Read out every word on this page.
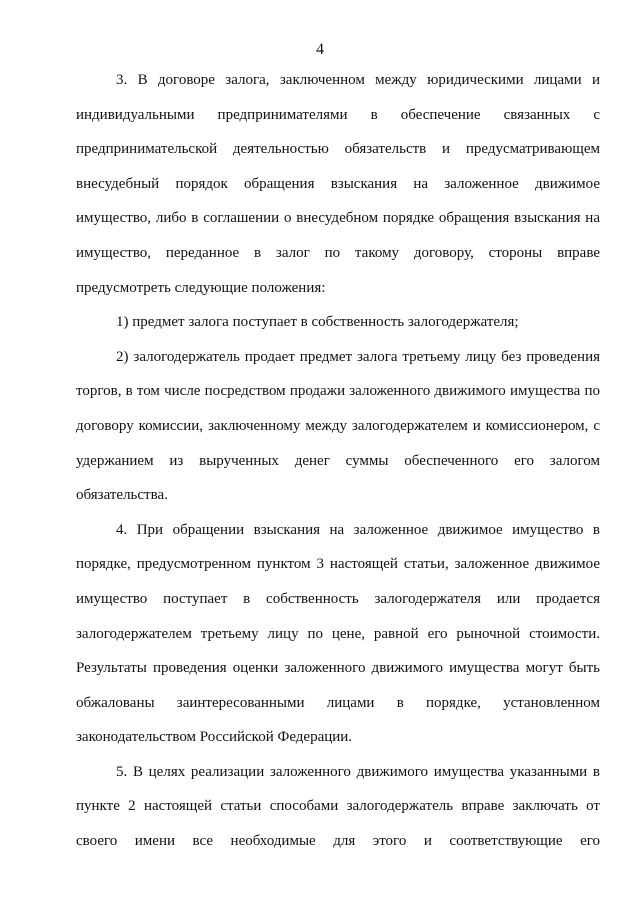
4

3. В договоре залога, заключенном между юридическими лицами и индивидуальными предпринимателями в обеспечение связанных с предпринимательской деятельностью обязательств и предусматривающем внесудебный порядок обращения взыскания на заложенное движимое имущество, либо в соглашении о внесудебном порядке обращения взыскания на имущество, переданное в залог по такому договору, стороны вправе предусмотреть следующие положения:

1) предмет залога поступает в собственность залогодержателя;

2) залогодержатель продает предмет залога третьему лицу без проведения торгов, в том числе посредством продажи заложенного движимого имущества по договору комиссии, заключенному между залогодержателем и комиссионером, с удержанием из вырученных денег суммы обеспеченного его залогом обязательства.

4. При обращении взыскания на заложенное движимое имущество в порядке, предусмотренном пунктом 3 настоящей статьи, заложенное движимое имущество поступает в собственность залогодержателя или продается залогодержателем третьему лицу по цене, равной его рыночной стоимости. Результаты проведения оценки заложенного движимого имущества могут быть обжалованы заинтересованными лицами в порядке, установленном законодательством Российской Федерации.

5. В целях реализации заложенного движимого имущества указанными в пункте 2 настоящей статьи способами залогодержатель вправе заключать от своего имени все необходимые для этого и соответствующие его
